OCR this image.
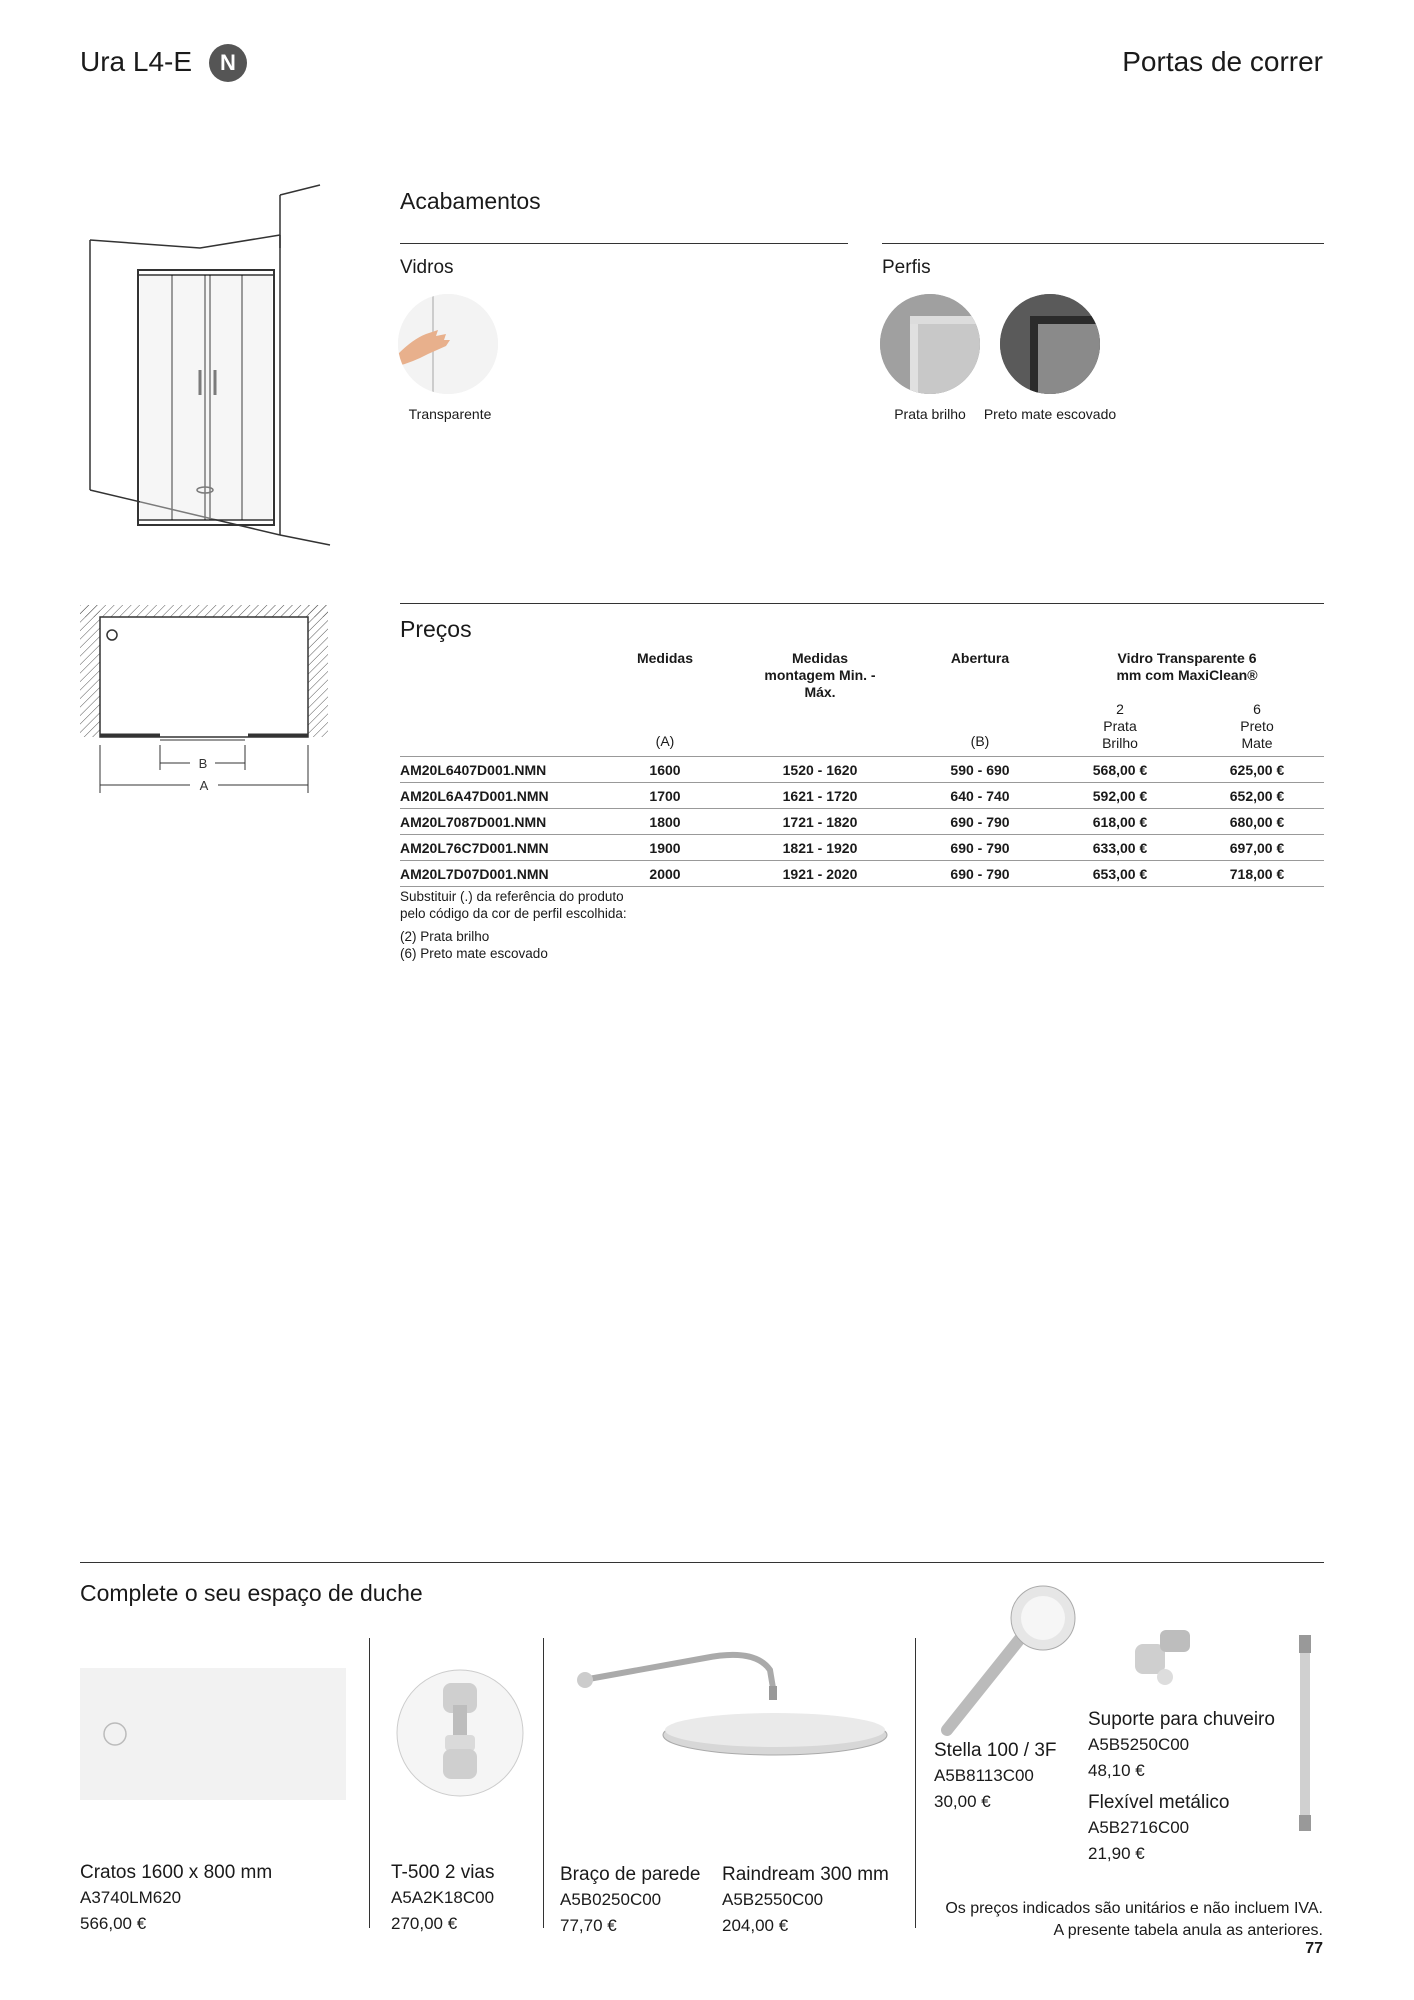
Ura L4-E	N	Portas de correr
B
A
Acabamentos
Vidros	Perfis
Transparente	Prata brilho	Preto mate escovado
Preços
	Medidas	Medidas montagem Min. - Máx.	Abertura	Vidro Transparente 6 mm com MaxiClean®	
	(A)		(B)	2 Prata Brilho	6 Preto Mate
AM20L6407D001.NMN	1600	1520 - 1620	590 - 690	568,00 €	625,00 €
AM20L6A47D001.NMN	1700	1621 - 1720	640 - 740	592,00 €	652,00 €
AM20L7087D001.NMN	1800	1721 - 1820	690 - 790	618,00 €	680,00 €
AM20L76C7D001.NMN	1900	1821 - 1920	690 - 790	633,00 €	697,00 €
AM20L7D07D001.NMN	2000	1921 - 2020	690 - 790	653,00 €	718,00 €
Substituir (.) da referência do produto
pelo código da cor de perfil escolhida:
(2) Prata brilho
(6) Preto mate escovado
Complete o seu espaço de duche
Cratos 1600 x 800 mm
A3740LM620
566,00 €
T-500 2 vias
A5A2K18C00
270,00 €
Braço de parede
A5B0250C00
77,70 €
Raindream 300 mm
A5B2550C00
204,00 €
Stella 100 / 3F
A5B8113C00
30,00 €
Suporte para chuveiro
A5B5250C00
48,10 €
Flexível metálico
A5B2716C00
21,90 €
Os preços indicados são unitários e não incluem IVA.
A presente tabela anula as anteriores.
77
